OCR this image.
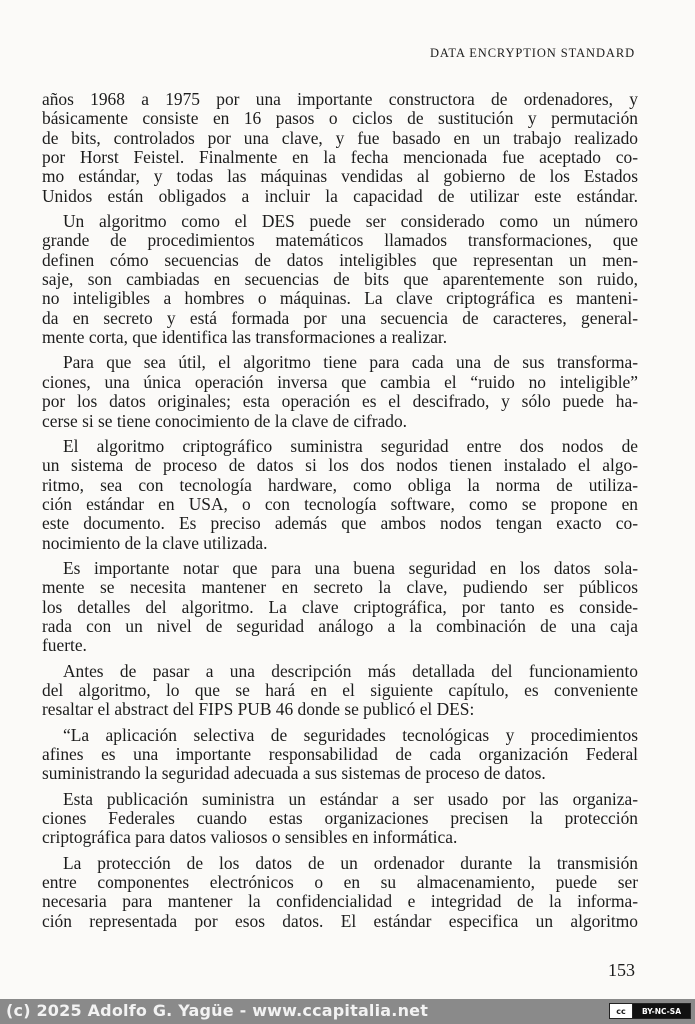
DATA ENCRYPTION STANDARD
años 1968 a 1975 por una importante constructora de ordenadores, y
básicamente consiste en 16 pasos o ciclos de sustitución y permutación
de bits, controlados por una clave, y fue basado en un trabajo realizado
por Horst Feistel. Finalmente en la fecha mencionada fue aceptado co-
mo estándar, y todas las máquinas vendidas al gobierno de los Estados
Unidos están obligados a incluir la capacidad de utilizar este estándar.
Un algoritmo como el DES puede ser considerado como un número
grande de procedimientos matemáticos llamados transformaciones, que
definen cómo secuencias de datos inteligibles que representan un men-
saje, son cambiadas en secuencias de bits que aparentemente son ruido,
no inteligibles a hombres o máquinas. La clave criptográfica es manteni-
da en secreto y está formada por una secuencia de caracteres, general-
mente corta, que identifica las transformaciones a realizar.
Para que sea útil, el algoritmo tiene para cada una de sus transforma-
ciones, una única operación inversa que cambia el “ruido no inteligible”
por los datos originales; esta operación es el descifrado, y sólo puede ha-
cerse si se tiene conocimiento de la clave de cifrado.
El algoritmo criptográfico suministra seguridad entre dos nodos de
un sistema de proceso de datos si los dos nodos tienen instalado el algo-
ritmo, sea con tecnología hardware, como obliga la norma de utiliza-
ción estándar en USA, o con tecnología software, como se propone en
este documento. Es preciso además que ambos nodos tengan exacto co-
nocimiento de la clave utilizada.
Es importante notar que para una buena seguridad en los datos sola-
mente se necesita mantener en secreto la clave, pudiendo ser públicos
los detalles del algoritmo. La clave criptográfica, por tanto es conside-
rada con un nivel de seguridad análogo a la combinación de una caja
fuerte.
Antes de pasar a una descripción más detallada del funcionamiento
del algoritmo, lo que se hará en el siguiente capítulo, es conveniente
resaltar el abstract del FIPS PUB 46 donde se publicó el DES:
“La aplicación selectiva de seguridades tecnológicas y procedimientos
afines es una importante responsabilidad de cada organización Federal
suministrando la seguridad adecuada a sus sistemas de proceso de datos.
Esta publicación suministra un estándar a ser usado por las organiza-
ciones Federales cuando estas organizaciones precisen la protección
criptográfica para datos valiosos o sensibles en informática.
La protección de los datos de un ordenador durante la transmisión
entre componentes electrónicos o en su almacenamiento, puede ser
necesaria para mantener la confidencialidad e integridad de la informa-
ción representada por esos datos. El estándar especifica un algoritmo
153
(c) 2025 Adolfo G. Yagüe - www.ccapitalia.net	cc	BY-NC-SA
